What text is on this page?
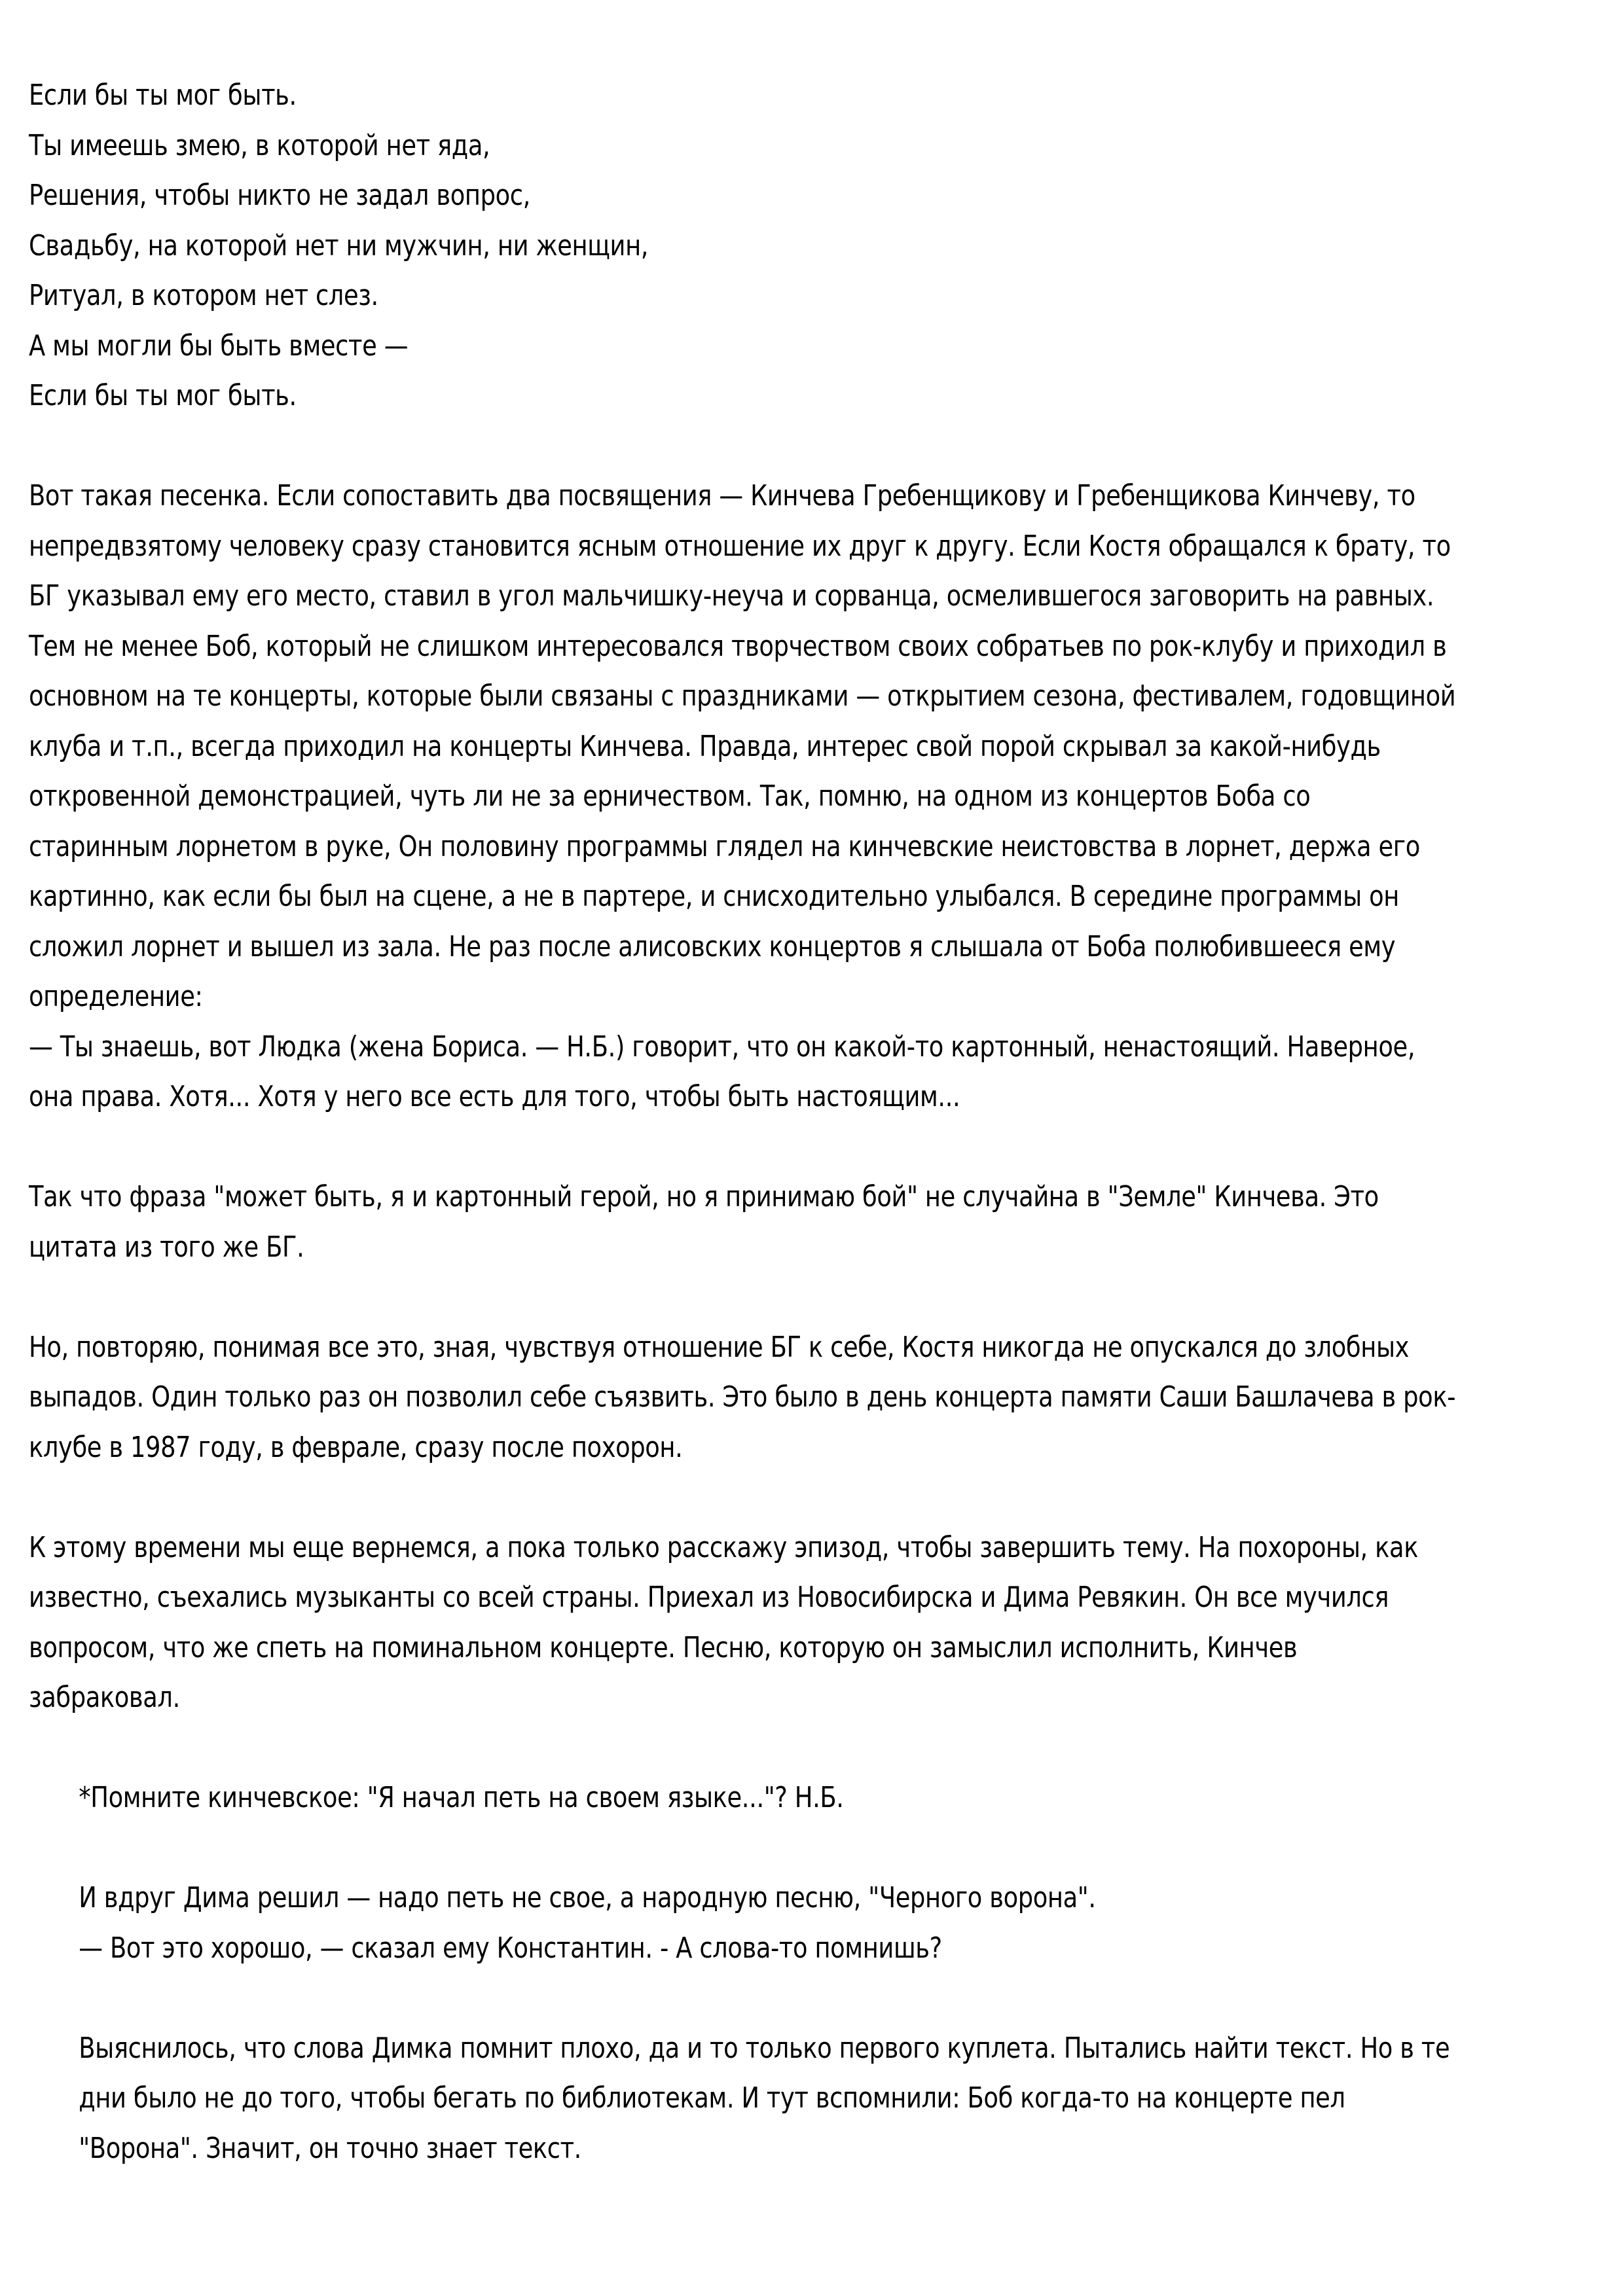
Если бы ты мог быть.
Ты имеешь змею, в которой нет яда,
Решения, чтобы никто не задал вопрос,
Свадьбу, на которой нет ни мужчин, ни женщин,
Ритуал, в котором нет слез.
А мы могли бы быть вместе —
Если бы ты мог быть.
Вот такая песенка. Если сопоставить два посвящения — Кинчева Гребенщикову и Гребенщикова Кинчеву, то
непредвзятому человеку сразу становится ясным отношение их друг к другу. Если Костя обращался к брату, то
БГ указывал ему его место, ставил в угол мальчишку-неуча и сорванца, осмелившегося заговорить на равных.
Тем не менее Боб, который не слишком интересовался творчеством своих собратьев по рок-клубу и приходил в
основном на те концерты, которые были связаны с праздниками — открытием сезона, фестивалем, годовщиной
клуба и т.п., всегда приходил на концерты Кинчева. Правда, интерес свой порой скрывал за какой-нибудь
откровенной демонстрацией, чуть ли не за ерничеством. Так, помню, на одном из концертов Боба со
старинным лорнетом в руке, Он половину программы глядел на кинчевские неистовства в лорнет, держа его
картинно, как если бы был на сцене, а не в партере, и снисходительно улыбался. В середине программы он
сложил лорнет и вышел из зала. Не раз после алисовских концертов я слышала от Боба полюбившееся ему
определение:
— Ты знаешь, вот Людка (жена Бориса. — Н.Б.) говорит, что он какой-то картонный, ненастоящий. Наверное,
она права. Хотя... Хотя у него все есть для того, чтобы быть настоящим...
Так что фраза "может быть, я и картонный герой, но я принимаю бой" не случайна в "Земле" Кинчева. Это
цитата из того же БГ.
Но, повторяю, понимая все это, зная, чувствуя отношение БГ к себе, Костя никогда не опускался до злобных
выпадов. Один только раз он позволил себе съязвить. Это было в день концерта памяти Саши Башлачева в рок-
клубе в 1987 году, в феврале, сразу после похорон.
К этому времени мы еще вернемся, а пока только расскажу эпизод, чтобы завершить тему. На похороны, как
известно, съехались музыканты со всей страны. Приехал из Новосибирска и Дима Ревякин. Он все мучился
вопросом, что же спеть на поминальном концерте. Песню, которую он замыслил исполнить, Кинчев
забраковал.
*Помните кинчевское: "Я начал петь на своем языке..."? Н.Б.
И вдруг Дима решил — надо петь не свое, а народную песню, "Черного ворона".
— Вот это хорошо, — сказал ему Константин. - А слова-то помнишь?
Выяснилось, что слова Димка помнит плохо, да и то только первого куплета. Пытались найти текст. Но в те
дни было не до того, чтобы бегать по библиотекам. И тут вспомнили: Боб когда-то на концерте пел
"Ворона". Значит, он точно знает текст.
